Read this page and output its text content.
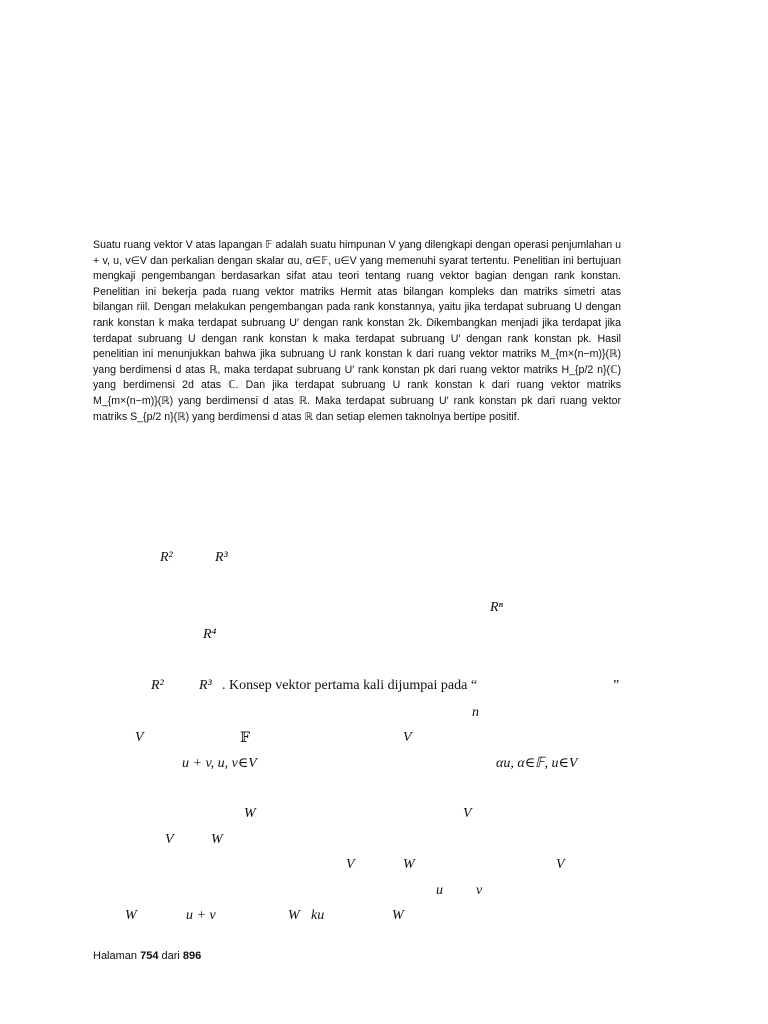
Suatu ruang vektor V atas lapangan 𝔽 adalah suatu himpunan V yang dilengkapi dengan operasi penjumlahan u + v, u, v∈V dan perkalian dengan skalar αu, α∈𝔽, u∈V yang memenuhi syarat tertentu. Penelitian ini bertujuan mengkaji pengembangan berdasarkan sifat atau teori tentang ruang vektor bagian dengan rank konstan. Penelitian ini bekerja pada ruang vektor matriks Hermit atas bilangan kompleks dan matriks simetri atas bilangan riil. Dengan melakukan pengembangan pada rank konstannya, yaitu jika terdapat subruang U dengan rank konstan k maka terdapat subruang U′ dengan rank konstan 2k. Dikembangkan menjadi jika terdapat jika terdapat subruang U dengan rank konstan k maka terdapat subruang U′ dengan rank konstan pk. Hasil penelitian ini menunjukkan bahwa jika subruang U rank konstan k dari ruang vektor matriks M_{m×(n−m)}(ℝ) yang berdimensi d atas ℝ, maka terdapat subruang U′ rank konstan pk dari ruang vektor matriks H_{p/2 n}(ℂ) yang berdimensi 2d atas ℂ. Dan jika terdapat subruang U rank konstan k dari ruang vektor matriks M_{m×(n−m)}(ℝ) yang berdimensi d atas ℝ. Maka terdapat subruang U′ rank konstan pk dari ruang vektor matriks S_{p/2 n}(ℝ) yang berdimensi d atas ℝ dan setiap elemen taknolnya bertipe positif.

R²	R³
Rⁿ
R⁴
R²	R³ . Konsep vektor pertama kali dijumpai pada “	”
n
V	𝔽	V
u + v, u, v∈V	αu, α∈𝔽, u∈V
W	V
V	W
V	W	V
u v
W	u + v	W ku	W
Halaman 754 dari 896
